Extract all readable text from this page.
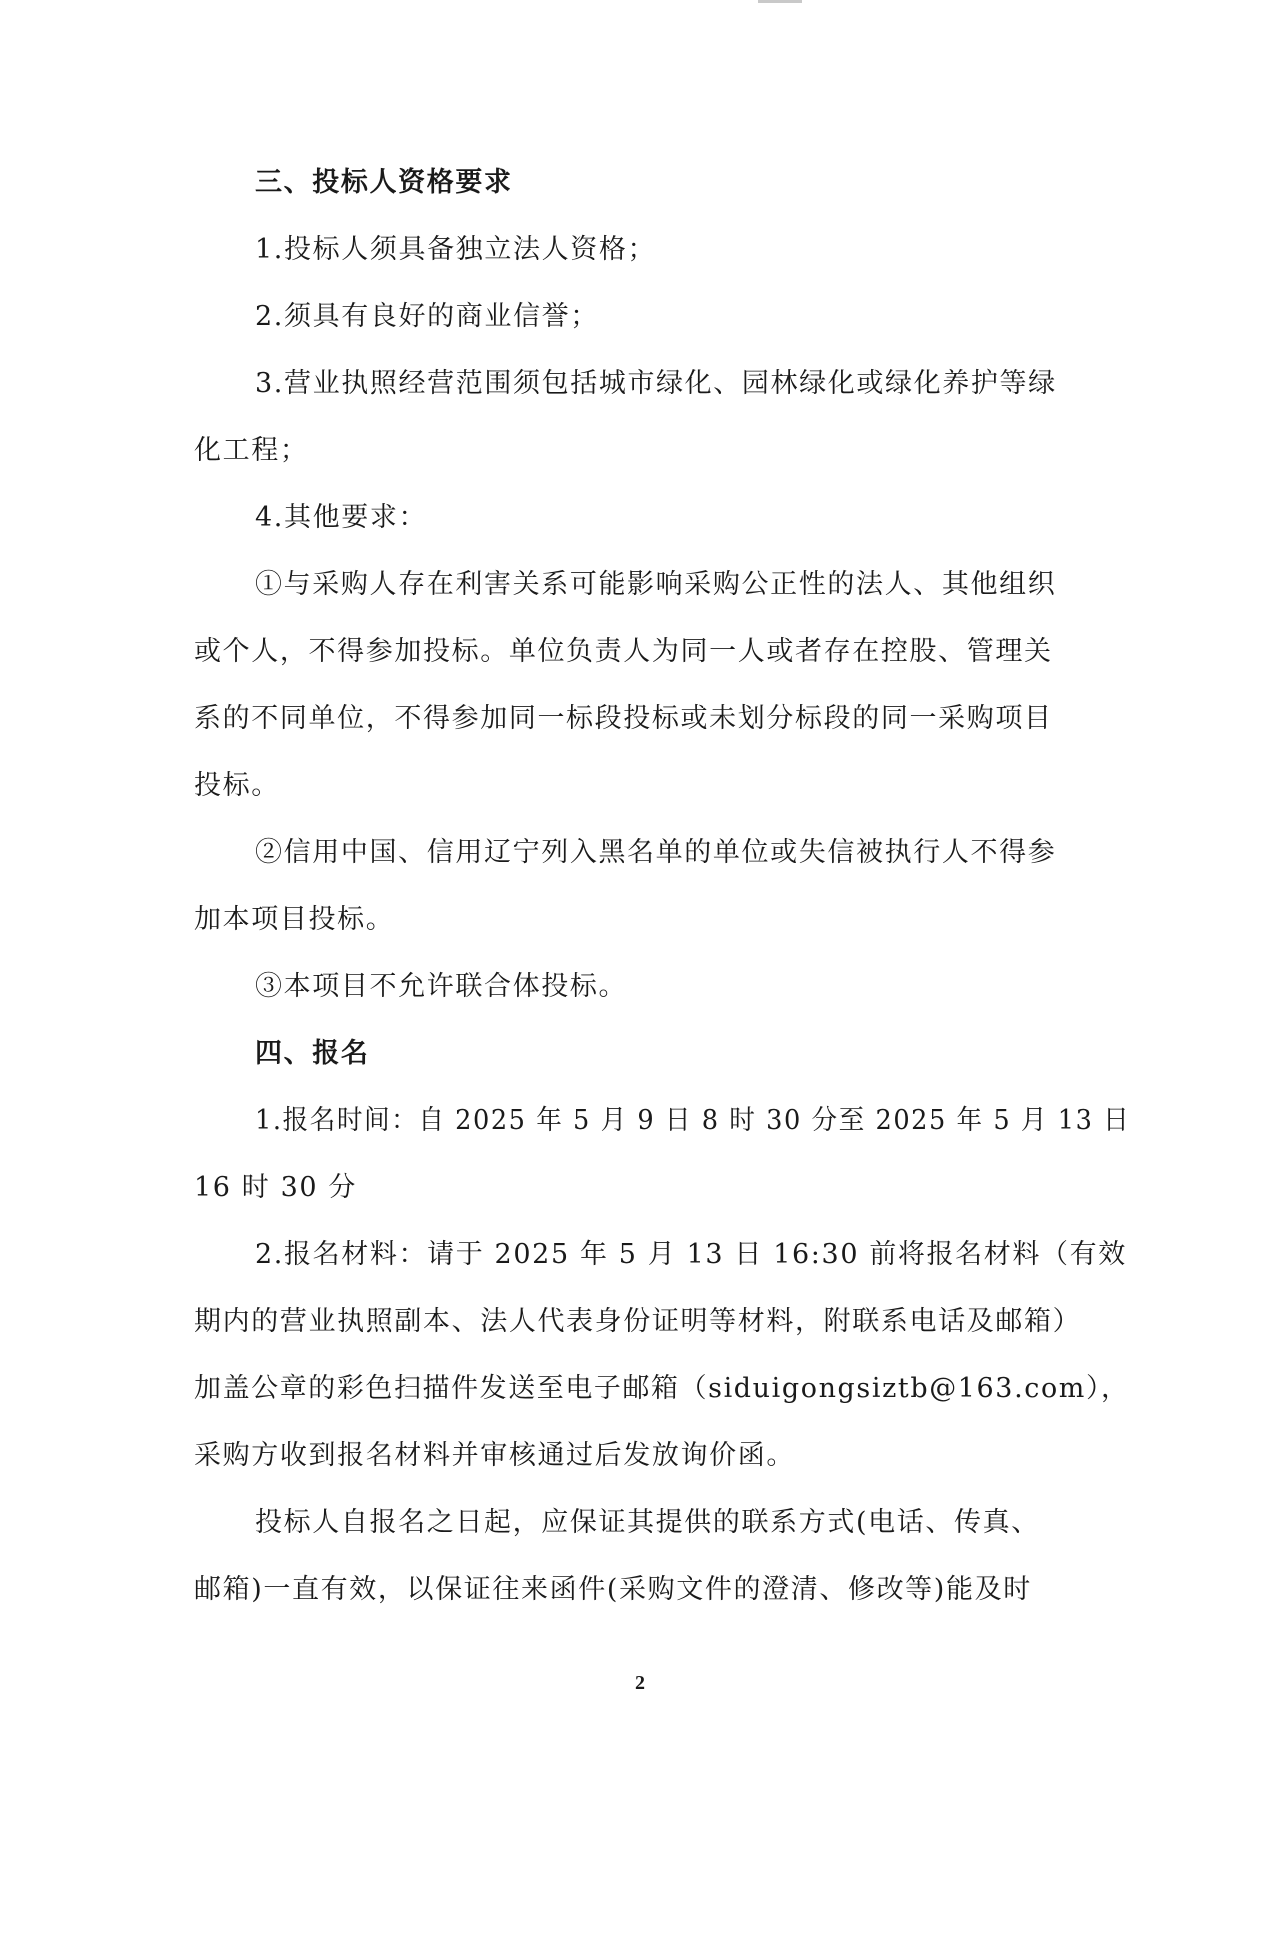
三、投标人资格要求
1.投标人须具备独立法人资格；
2.须具有良好的商业信誉；
3.营业执照经营范围须包括城市绿化、园林绿化或绿化养护等绿
化工程；
4.其他要求：
①与采购人存在利害关系可能影响采购公正性的法人、其他组织
或个人，不得参加投标。单位负责人为同一人或者存在控股、管理关
系的不同单位，不得参加同一标段投标或未划分标段的同一采购项目
投标。
②信用中国、信用辽宁列入黑名单的单位或失信被执行人不得参
加本项目投标。
③本项目不允许联合体投标。
四、报名
1.报名时间：自 2025 年 5 月 9 日 8 时 30 分至 2025 年 5 月 13 日
16 时 30 分
2.报名材料：请于 2025 年 5 月 13 日 16:30 前将报名材料（有效
期内的营业执照副本、法人代表身份证明等材料，附联系电话及邮箱）
加盖公章的彩色扫描件发送至电子邮箱（siduigongsiztb@163.com），
采购方收到报名材料并审核通过后发放询价函。
投标人自报名之日起，应保证其提供的联系方式(电话、传真、
邮箱)一直有效，以保证往来函件(采购文件的澄清、修改等)能及时
2
